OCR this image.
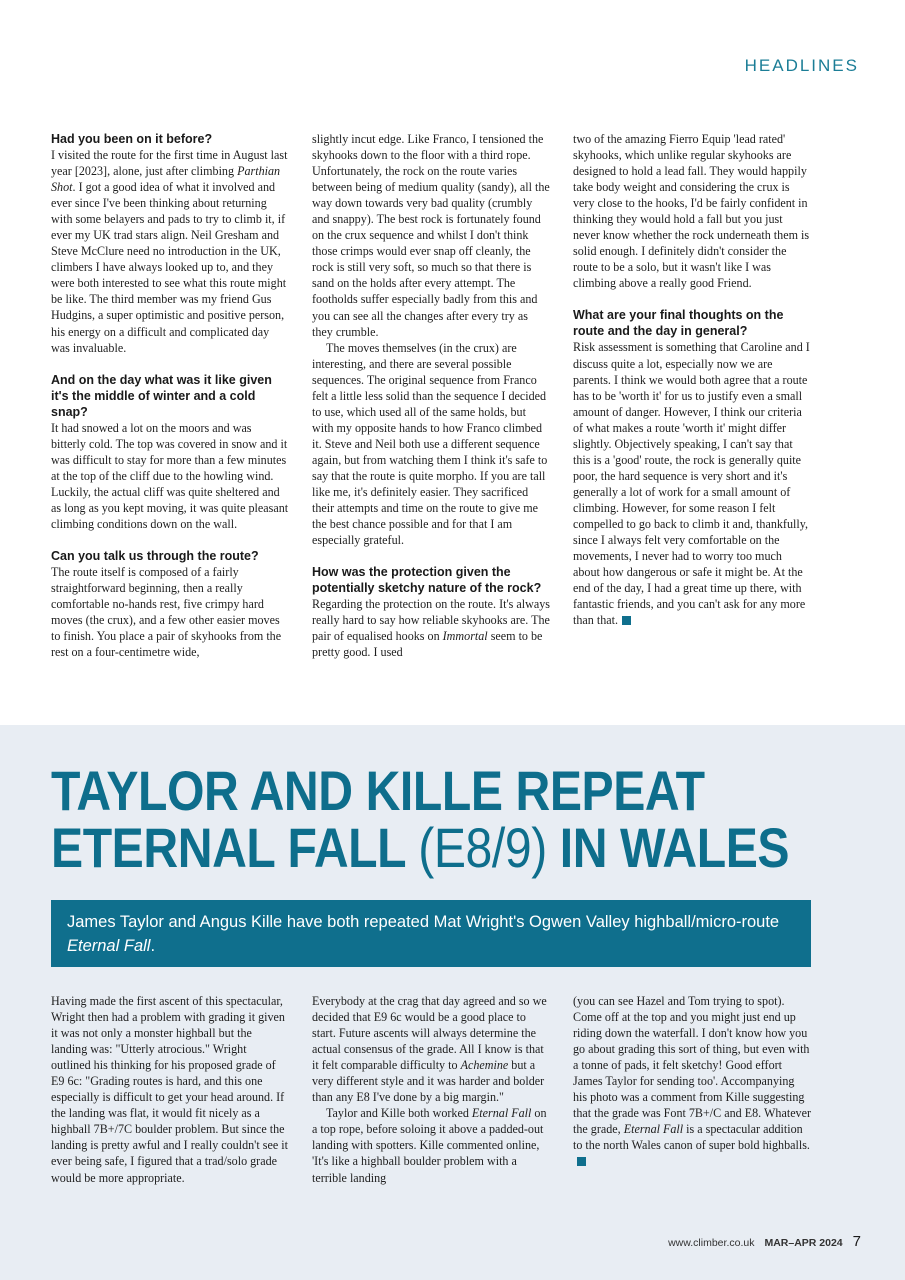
HEADLINES
Had you been on it before?

I visited the route for the first time in August last year [2023], alone, just after climbing Parthian Shot. I got a good idea of what it involved and ever since I've been thinking about returning with some belayers and pads to try to climb it, if ever my UK trad stars align. Neil Gresham and Steve McClure need no introduction in the UK, climbers I have always looked up to, and they were both interested to see what this route might be like. The third member was my friend Gus Hudgins, a super optimistic and positive person, his energy on a difficult and complicated day was invaluable.

And on the day what was it like given it's the middle of winter and a cold snap?

It had snowed a lot on the moors and was bitterly cold. The top was covered in snow and it was difficult to stay for more than a few minutes at the top of the cliff due to the howling wind. Luckily, the actual cliff was quite sheltered and as long as you kept moving, it was quite pleasant climbing conditions down on the wall.

Can you talk us through the route?

The route itself is composed of a fairly straightforward beginning, then a really comfortable no-hands rest, five crimpy hard moves (the crux), and a few other easier moves to finish. You place a pair of skyhooks from the rest on a four-centimetre wide,

slightly incut edge. Like Franco, I tensioned the skyhooks down to the floor with a third rope. Unfortunately, the rock on the route varies between being of medium quality (sandy), all the way down towards very bad quality (crumbly and snappy). The best rock is fortunately found on the crux sequence and whilst I don't think those crimps would ever snap off cleanly, the rock is still very soft, so much so that there is sand on the holds after every attempt. The footholds suffer especially badly from this and you can see all the changes after every try as they crumble.

The moves themselves (in the crux) are interesting, and there are several possible sequences. The original sequence from Franco felt a little less solid than the sequence I decided to use, which used all of the same holds, but with my opposite hands to how Franco climbed it. Steve and Neil both use a different sequence again, but from watching them I think it's safe to say that the route is quite morpho. If you are tall like me, it's definitely easier. They sacrificed their attempts and time on the route to give me the best chance possible and for that I am especially grateful.

How was the protection given the potentially sketchy nature of the rock?

Regarding the protection on the route. It's always really hard to say how reliable skyhooks are. The pair of equalised hooks on Immortal seem to be pretty good. I used

two of the amazing Fierro Equip 'lead rated' skyhooks, which unlike regular skyhooks are designed to hold a lead fall. They would happily take body weight and considering the crux is very close to the hooks, I'd be fairly confident in thinking they would hold a fall but you just never know whether the rock underneath them is solid enough. I definitely didn't consider the route to be a solo, but it wasn't like I was climbing above a really good Friend.

What are your final thoughts on the route and the day in general?

Risk assessment is something that Caroline and I discuss quite a lot, especially now we are parents. I think we would both agree that a route has to be 'worth it' for us to justify even a small amount of danger. However, I think our criteria of what makes a route 'worth it' might differ slightly. Objectively speaking, I can't say that this is a 'good' route, the rock is generally quite poor, the hard sequence is very short and it's generally a lot of work for a small amount of climbing. However, for some reason I felt compelled to go back to climb it and, thankfully, since I always felt very comfortable on the movements, I never had to worry too much about how dangerous or safe it might be. At the end of the day, I had a great time up there, with fantastic friends, and you can't ask for any more than that.

TAYLOR AND KILLE REPEAT
ETERNAL FALL (E8/9) IN WALES
James Taylor and Angus Kille have both repeated Mat Wright's Ogwen Valley highball/micro-route
Eternal Fall.

Having made the first ascent of this spectacular, Wright then had a problem with grading it given it was not only a monster highball but the landing was: "Utterly atrocious." Wright outlined his thinking for his proposed grade of E9 6c: "Grading routes is hard, and this one especially is difficult to get your head around. If the landing was flat, it would fit nicely as a highball 7B+/7C boulder problem. But since the landing is pretty awful and I really couldn't see it ever being safe, I figured that a trad/solo grade would be more appropriate.

Everybody at the crag that day agreed and so we decided that E9 6c would be a good place to start. Future ascents will always determine the actual consensus of the grade. All I know is that it felt comparable difficulty to Achemine but a very different style and it was harder and bolder than any E8 I've done by a big margin."

Taylor and Kille both worked Eternal Fall on a top rope, before soloing it above a padded-out landing with spotters. Kille commented online, 'It's like a highball boulder problem with a terrible landing

(you can see Hazel and Tom trying to spot). Come off at the top and you might just end up riding down the waterfall. I don't know how you go about grading this sort of thing, but even with a tonne of pads, it felt sketchy! Good effort James Taylor for sending too'. Accompanying his photo was a comment from Kille suggesting that the grade was Font 7B+/C and E8. Whatever the grade, Eternal Fall is a spectacular addition to the north Wales canon of super bold highballs.

www.climber.co.uk MAR–APR 2024 7
